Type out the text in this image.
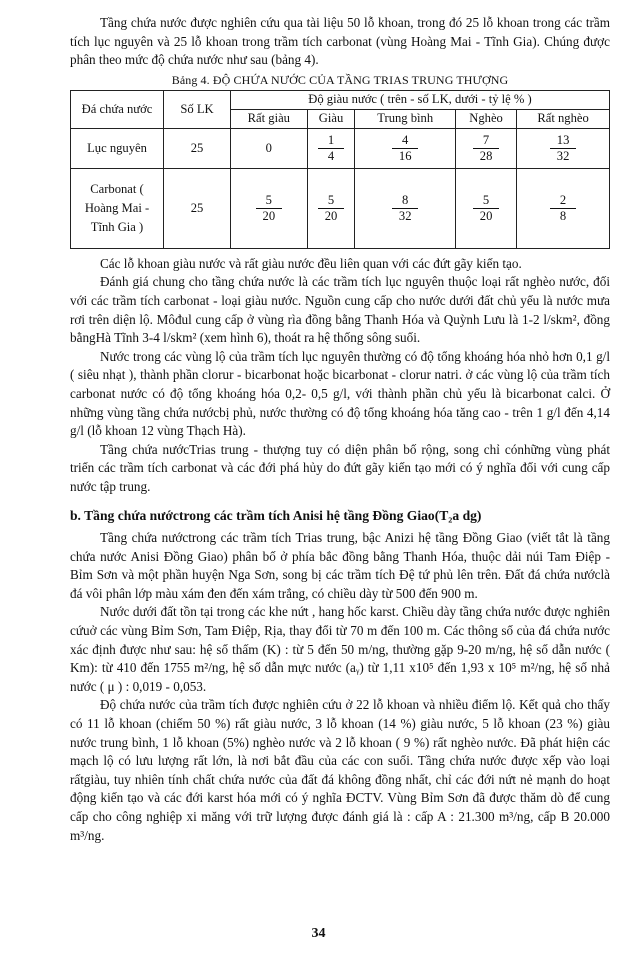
Tầng chứa nước được nghiên cứu qua tài liệu 50 lỗ khoan, trong đó 25 lỗ khoan trong các trầm tích lục nguyên và 25 lỗ khoan trong trầm tích carbonat (vùng Hoàng Mai - Tĩnh Gia). Chúng được phân theo mức độ chứa nước như sau (bảng 4).

Bảng 4. ĐỘ CHỨA NƯỚC CỦA TẦNG TRIAS TRUNG THƯỢNG
Đá chứa nước	Số LK	Độ giàu nước ( trên - số LK, dưới - tỷ lệ % )				
		Rất giàu	Giàu	Trung bình	Nghèo	Rất nghèo
Lục nguyên	25	0	$\frac{1}{4}$	$\frac{4}{16}$	$\frac{7}{28}$	$\frac{13}{32}$

Carbonat ( Hoàng Mai - Tĩnh Gia )	25	$\frac{5}{20}$	$\frac{5}{20}$	$\frac{8}{32}$	$\frac{5}{20}$	$\frac{2}{8}$

Các lỗ khoan giàu nước và rất giàu nước đều liên quan với các đứt gãy kiến tạo.

Đánh giá chung cho tầng chứa nước là các trầm tích lục nguyên thuộc loại rất nghèo nước, đối với các trầm tích carbonat - loại giàu nước. Nguồn cung cấp cho nước dưới đất chủ yếu là nước mưa rơi trên diện lộ. Môđul cung cấp ở vùng rìa đồng bằng Thanh Hóa và Quỳnh Lưu là 1-2 l/skm², đồng bằngHà Tĩnh 3-4 l/skm² (xem hình 6), thoát ra hệ thống sông suối.

Nước trong các vùng lộ của trầm tích lục nguyên thường có độ tổng khoáng hóa nhỏ hơn 0,1 g/l ( siêu nhạt ), thành phần clorur - bicarbonat hoặc bicarbonat - clorur natri. ở các vùng lộ của trầm tích carbonat nước có độ tổng khoáng hóa 0,2- 0,5 g/l, với thành phần chủ yếu là bicarbonat calci. Ở những vùng tầng chứa nướcbị phủ, nước thường có độ tổng khoáng hóa tăng cao - trên 1 g/l đến 4,14 g/l (lỗ khoan 12 vùng Thạch Hà).

Tầng chứa nướcTrias trung - thượng tuy có diện phân bố rộng, song chỉ cónhững vùng phát triển các trầm tích carbonat và các đới phá hủy do đứt gãy kiến tạo mới có ý nghĩa đối với cung cấp nước tập trung.

b. Tầng chứa nướctrong các trầm tích Anisi hệ tầng Đồng Giao(T₂a dg)

Tầng chứa nướctrong các trầm tích Trias trung, bậc Anizi hệ tầng Đồng Giao (viết tắt là tầng chứa nước Anisi Đồng Giao) phân bố ở phía bắc đồng bằng Thanh Hóa, thuộc dải núi Tam Điệp - Bỉm Sơn và một phần huyện Nga Sơn, song bị các trầm tích Đệ tứ phủ lên trên. Đất đá chứa nướclà đá vôi phân lớp màu xám đen đến xám trắng, có chiều dày từ 500 đến 900 m.

Nước dưới đất tồn tại trong các khe nứt , hang hốc karst. Chiều dày tầng chứa nước được nghiên cứuở các vùng Bỉm Sơn, Tam Điệp, Rịa, thay đổi từ 70 m đến 100 m. Các thông số của đá chứa nước xác định được như sau: hệ số thấm (K) : từ 5 đến 50 m/ng, thường gặp 9-20 m/ng, hệ số dẫn nước ( Km): từ 410 đến 1755 m²/ng, hệ số dẫn mực nước (aᵧ) từ 1,11 x10⁵ đến 1,93 x 10⁵ m²/ng, hệ số nhả nước ( μ ) : 0,019 - 0,053.

Độ chứa nước của trầm tích được nghiên cứu ở 22 lỗ khoan và nhiều điểm lộ. Kết quả cho thấy có 11 lỗ khoan (chiếm 50 %) rất giàu nước, 3 lỗ khoan (14 %) giàu nước, 5 lỗ khoan (23 %) giàu nước trung bình, 1 lỗ khoan (5%) nghèo nước và 2 lỗ khoan ( 9 %) rất nghèo nước. Đã phát hiện các mạch lộ có lưu lượng rất lớn, là nơi bắt đầu của các con suối. Tầng chứa nước được xếp vào loại rấtgiàu, tuy nhiên tính chất chứa nước của đất đá không đồng nhất, chỉ các đới nứt nẻ mạnh do hoạt động kiến tạo và các đới karst hóa mới có ý nghĩa ĐCTV. Vùng Bỉm Sơn đã được thăm dò để cung cấp cho công nghiệp xi măng với trữ lượng được đánh giá là : cấp A : 21.300 m³/ng, cấp B 20.000 m³/ng.

34
